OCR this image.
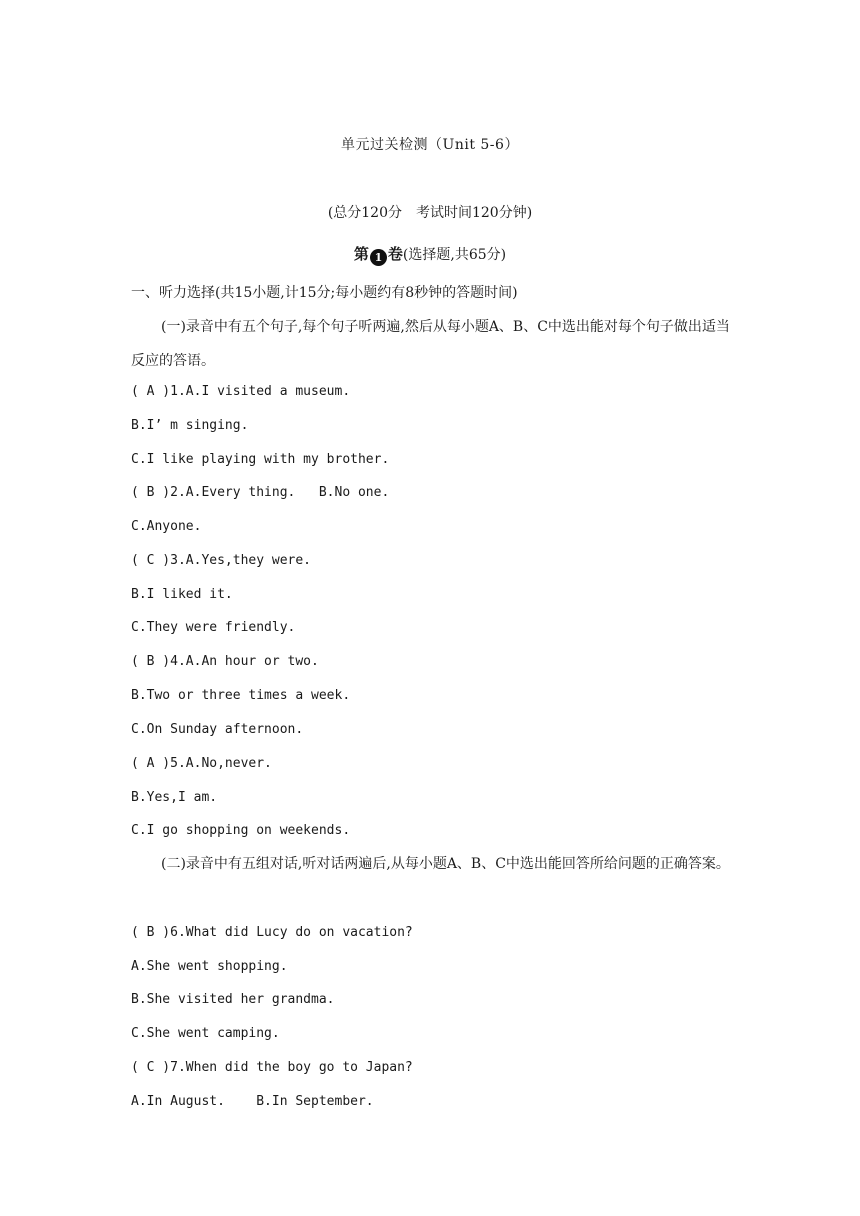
单元过关检测（Unit 5-6）
(总分120分　考试时间120分钟)
第 1 卷(选择题,共65分)
一、听力选择(共15小题,计15分;每小题约有8秒钟的答题时间)
(一)录音中有五个句子,每个句子听两遍,然后从每小题A、B、C中选出能对每个句子做出适当反应的答语。
( A )1.A.I visited a museum.
B.I’ m singing.
C.I like playing with my brother.
( B )2.A.Every thing.   B.No one.
C.Anyone.
( C )3.A.Yes,they were.
B.I liked it.
C.They were friendly.
( B )4.A.An hour or two.
B.Two or three times a week.
C.On Sunday afternoon.
( A )5.A.No,never.
B.Yes,I am.
C.I go shopping on weekends.
(二)录音中有五组对话,听对话两遍后,从每小题A、B、C中选出能回答所给问题的正确答案。
( B )6.What did Lucy do on vacation?
A.She went shopping.
B.She visited her grandma.
C.She went camping.
( C )7.When did the boy go to Japan?
A.In August.    B.In September.
